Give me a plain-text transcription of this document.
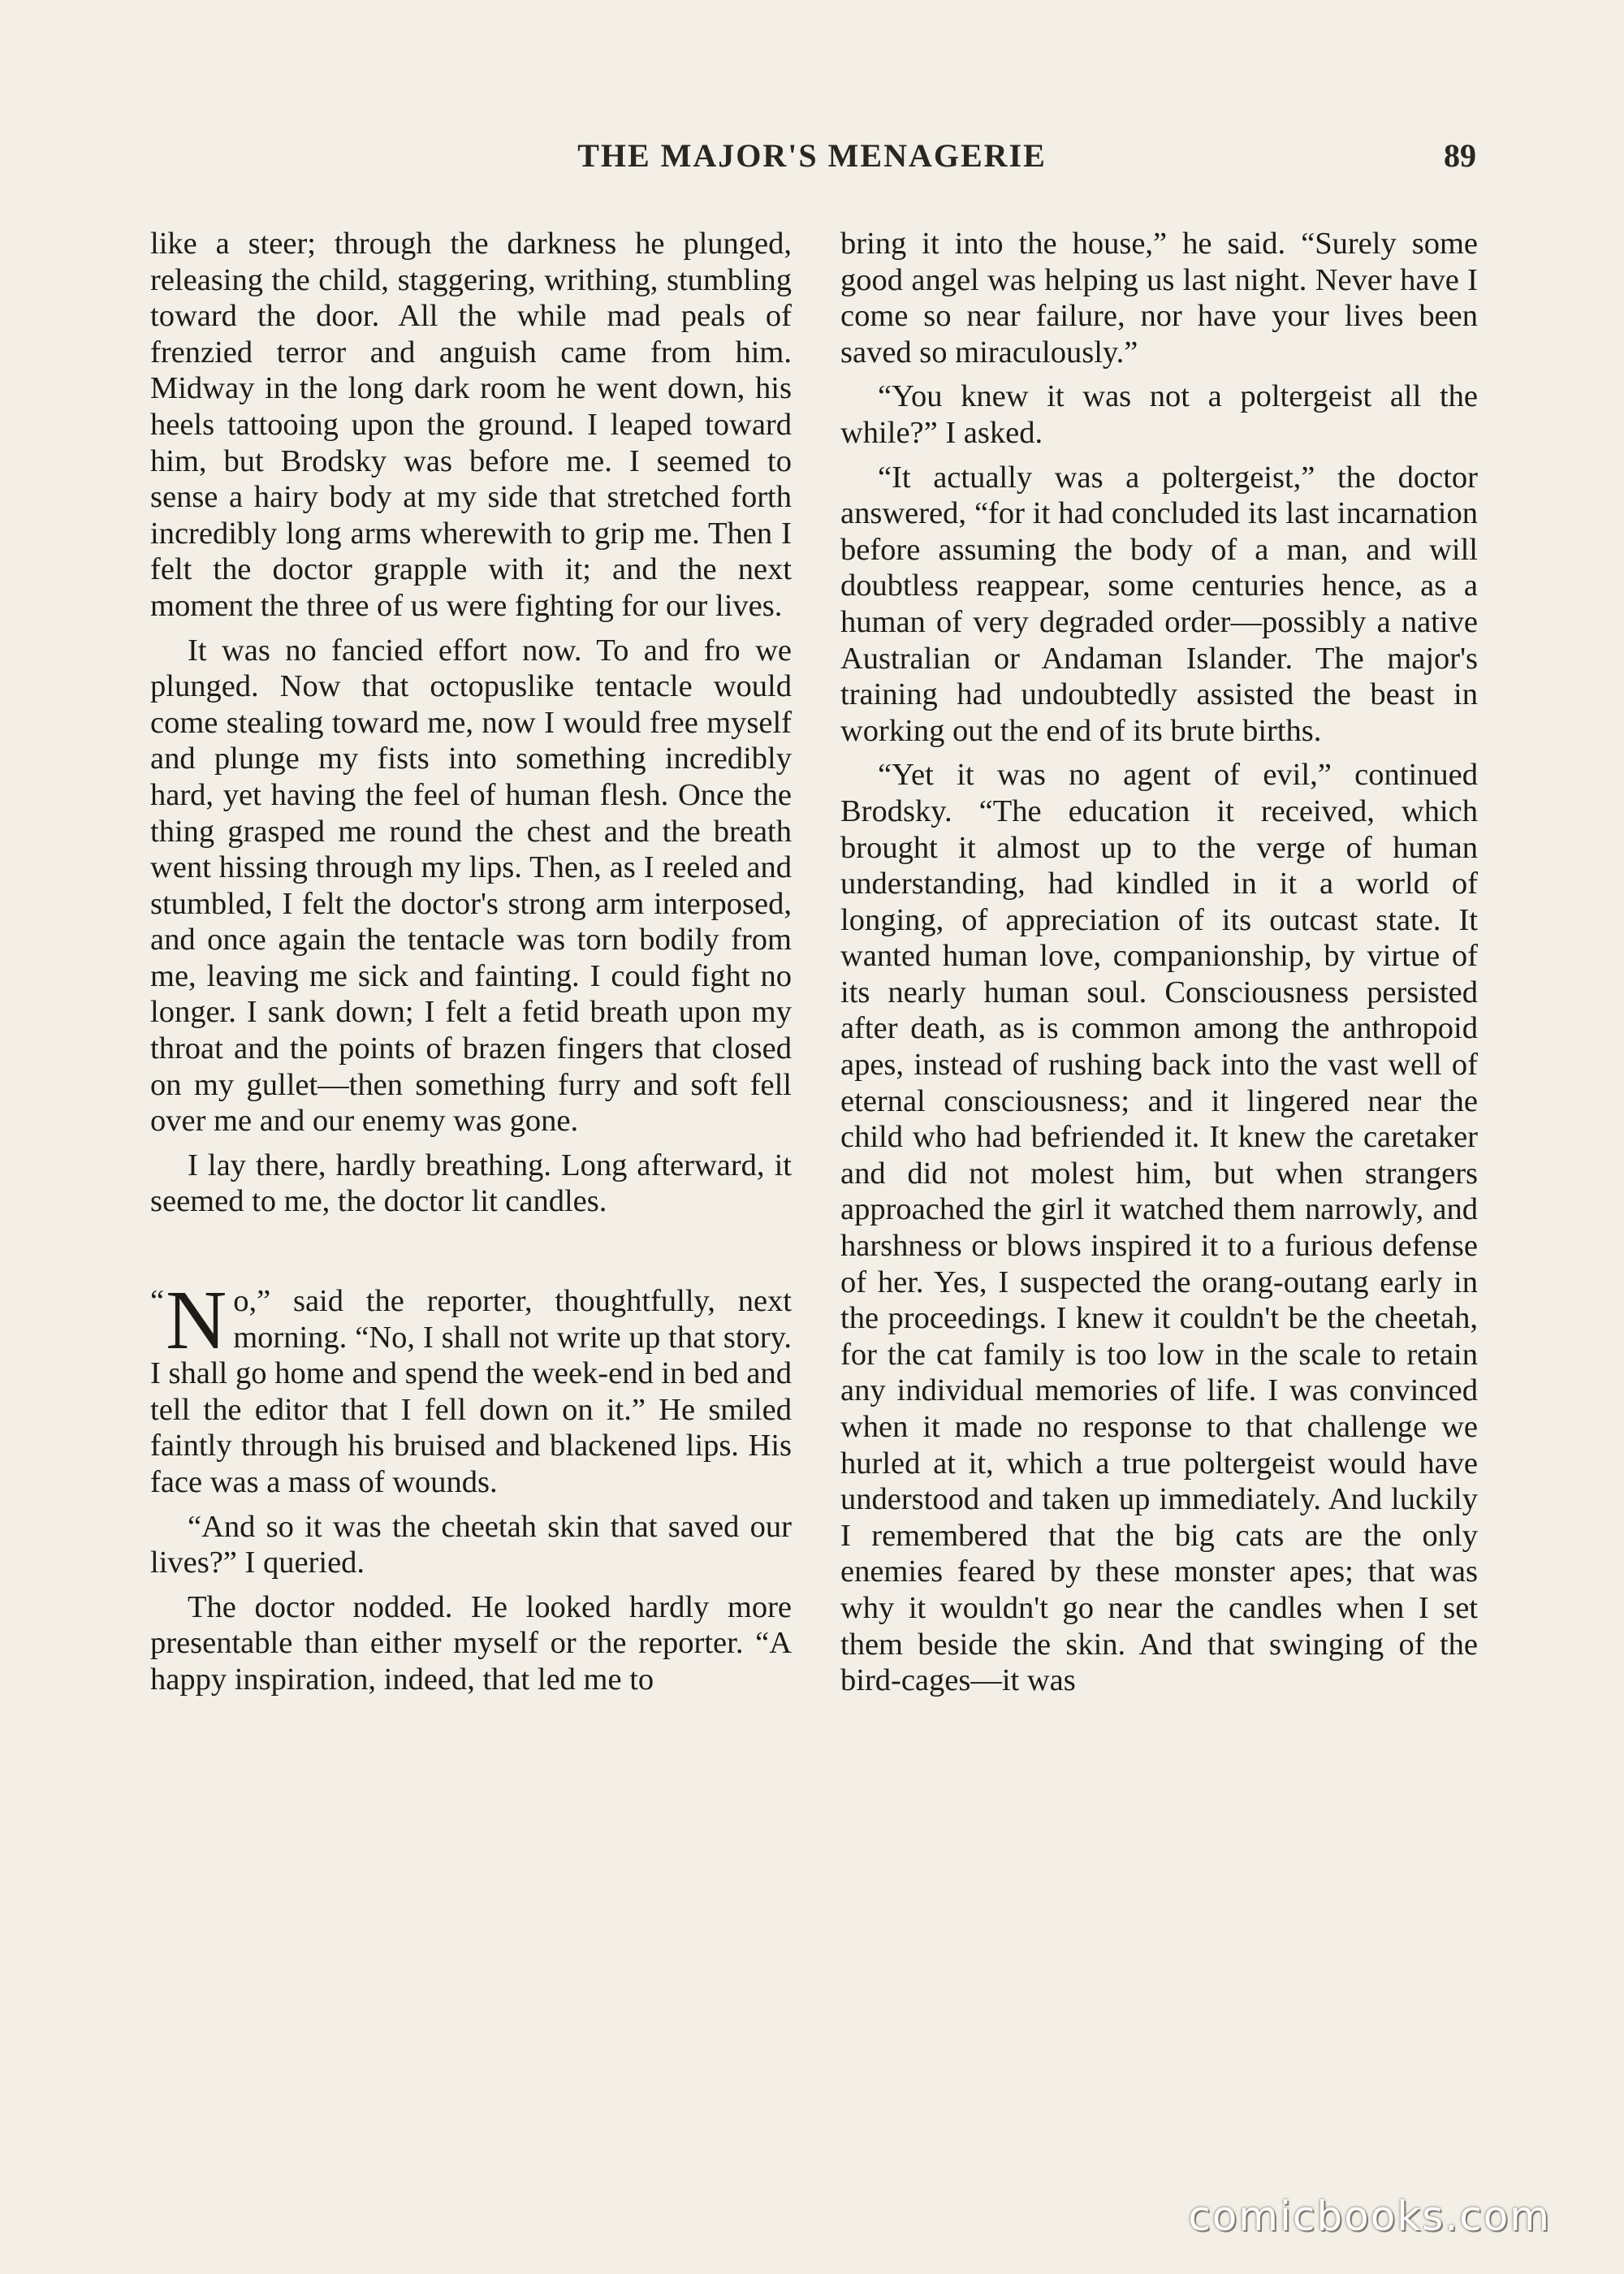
THE MAJOR'S MENAGERIE	89

like a steer; through the darkness he plunged, releasing the child, staggering, writhing, stumbling toward the door. All the while mad peals of frenzied terror and anguish came from him. Midway in the long dark room he went down, his heels tattooing upon the ground. I leaped toward him, but Brodsky was before me. I seemed to sense a hairy body at my side that stretched forth incredibly long arms wherewith to grip me. Then I felt the doctor grapple with it; and the next moment the three of us were fighting for our lives.

It was no fancied effort now. To and fro we plunged. Now that octopuslike tentacle would come stealing toward me, now I would free myself and plunge my fists into something incredibly hard, yet having the feel of human flesh. Once the thing grasped me round the chest and the breath went hissing through my lips. Then, as I reeled and stumbled, I felt the doctor's strong arm interposed, and once again the tentacle was torn bodily from me, leaving me sick and fainting. I could fight no longer. I sank down; I felt a fetid breath upon my throat and the points of brazen fingers that closed on my gullet—then something furry and soft fell over me and our enemy was gone.

I lay there, hardly breathing. Long afterward, it seemed to me, the doctor lit candles.

“ N o,” said the reporter, thoughtfully, next morning. “No, I shall not write up that story. I shall go home and spend the week-end in bed and tell the editor that I fell down on it.” He smiled faintly through his bruised and blackened lips. His face was a mass of wounds.

“And so it was the cheetah skin that saved our lives?” I queried.

The doctor nodded. He looked hardly more presentable than either myself or the reporter. “A happy inspiration, indeed, that led me to

bring it into the house,” he said. “Surely some good angel was helping us last night. Never have I come so near failure, nor have your lives been saved so miraculously.”

“You knew it was not a poltergeist all the while?” I asked.

“It actually was a poltergeist,” the doctor answered, “for it had concluded its last incarnation before assuming the body of a man, and will doubtless reappear, some centuries hence, as a human of very degraded order—possibly a native Australian or Andaman Islander. The major's training had undoubtedly assisted the beast in working out the end of its brute births.

“Yet it was no agent of evil,” continued Brodsky. “The education it received, which brought it almost up to the verge of human understanding, had kindled in it a world of longing, of appreciation of its outcast state. It wanted human love, companionship, by virtue of its nearly human soul. Consciousness persisted after death, as is common among the anthropoid apes, instead of rushing back into the vast well of eternal consciousness; and it lingered near the child who had befriended it. It knew the caretaker and did not molest him, but when strangers approached the girl it watched them narrowly, and harshness or blows inspired it to a furious defense of her. Yes, I suspected the orang-outang early in the proceedings. I knew it couldn't be the cheetah, for the cat family is too low in the scale to retain any individual memories of life. I was convinced when it made no response to that challenge we hurled at it, which a true poltergeist would have understood and taken up immediately. And luckily I remembered that the big cats are the only enemies feared by these monster apes; that was why it wouldn't go near the candles when I set them beside the skin. And that swinging of the bird-cages—it was

comicbooks.com
